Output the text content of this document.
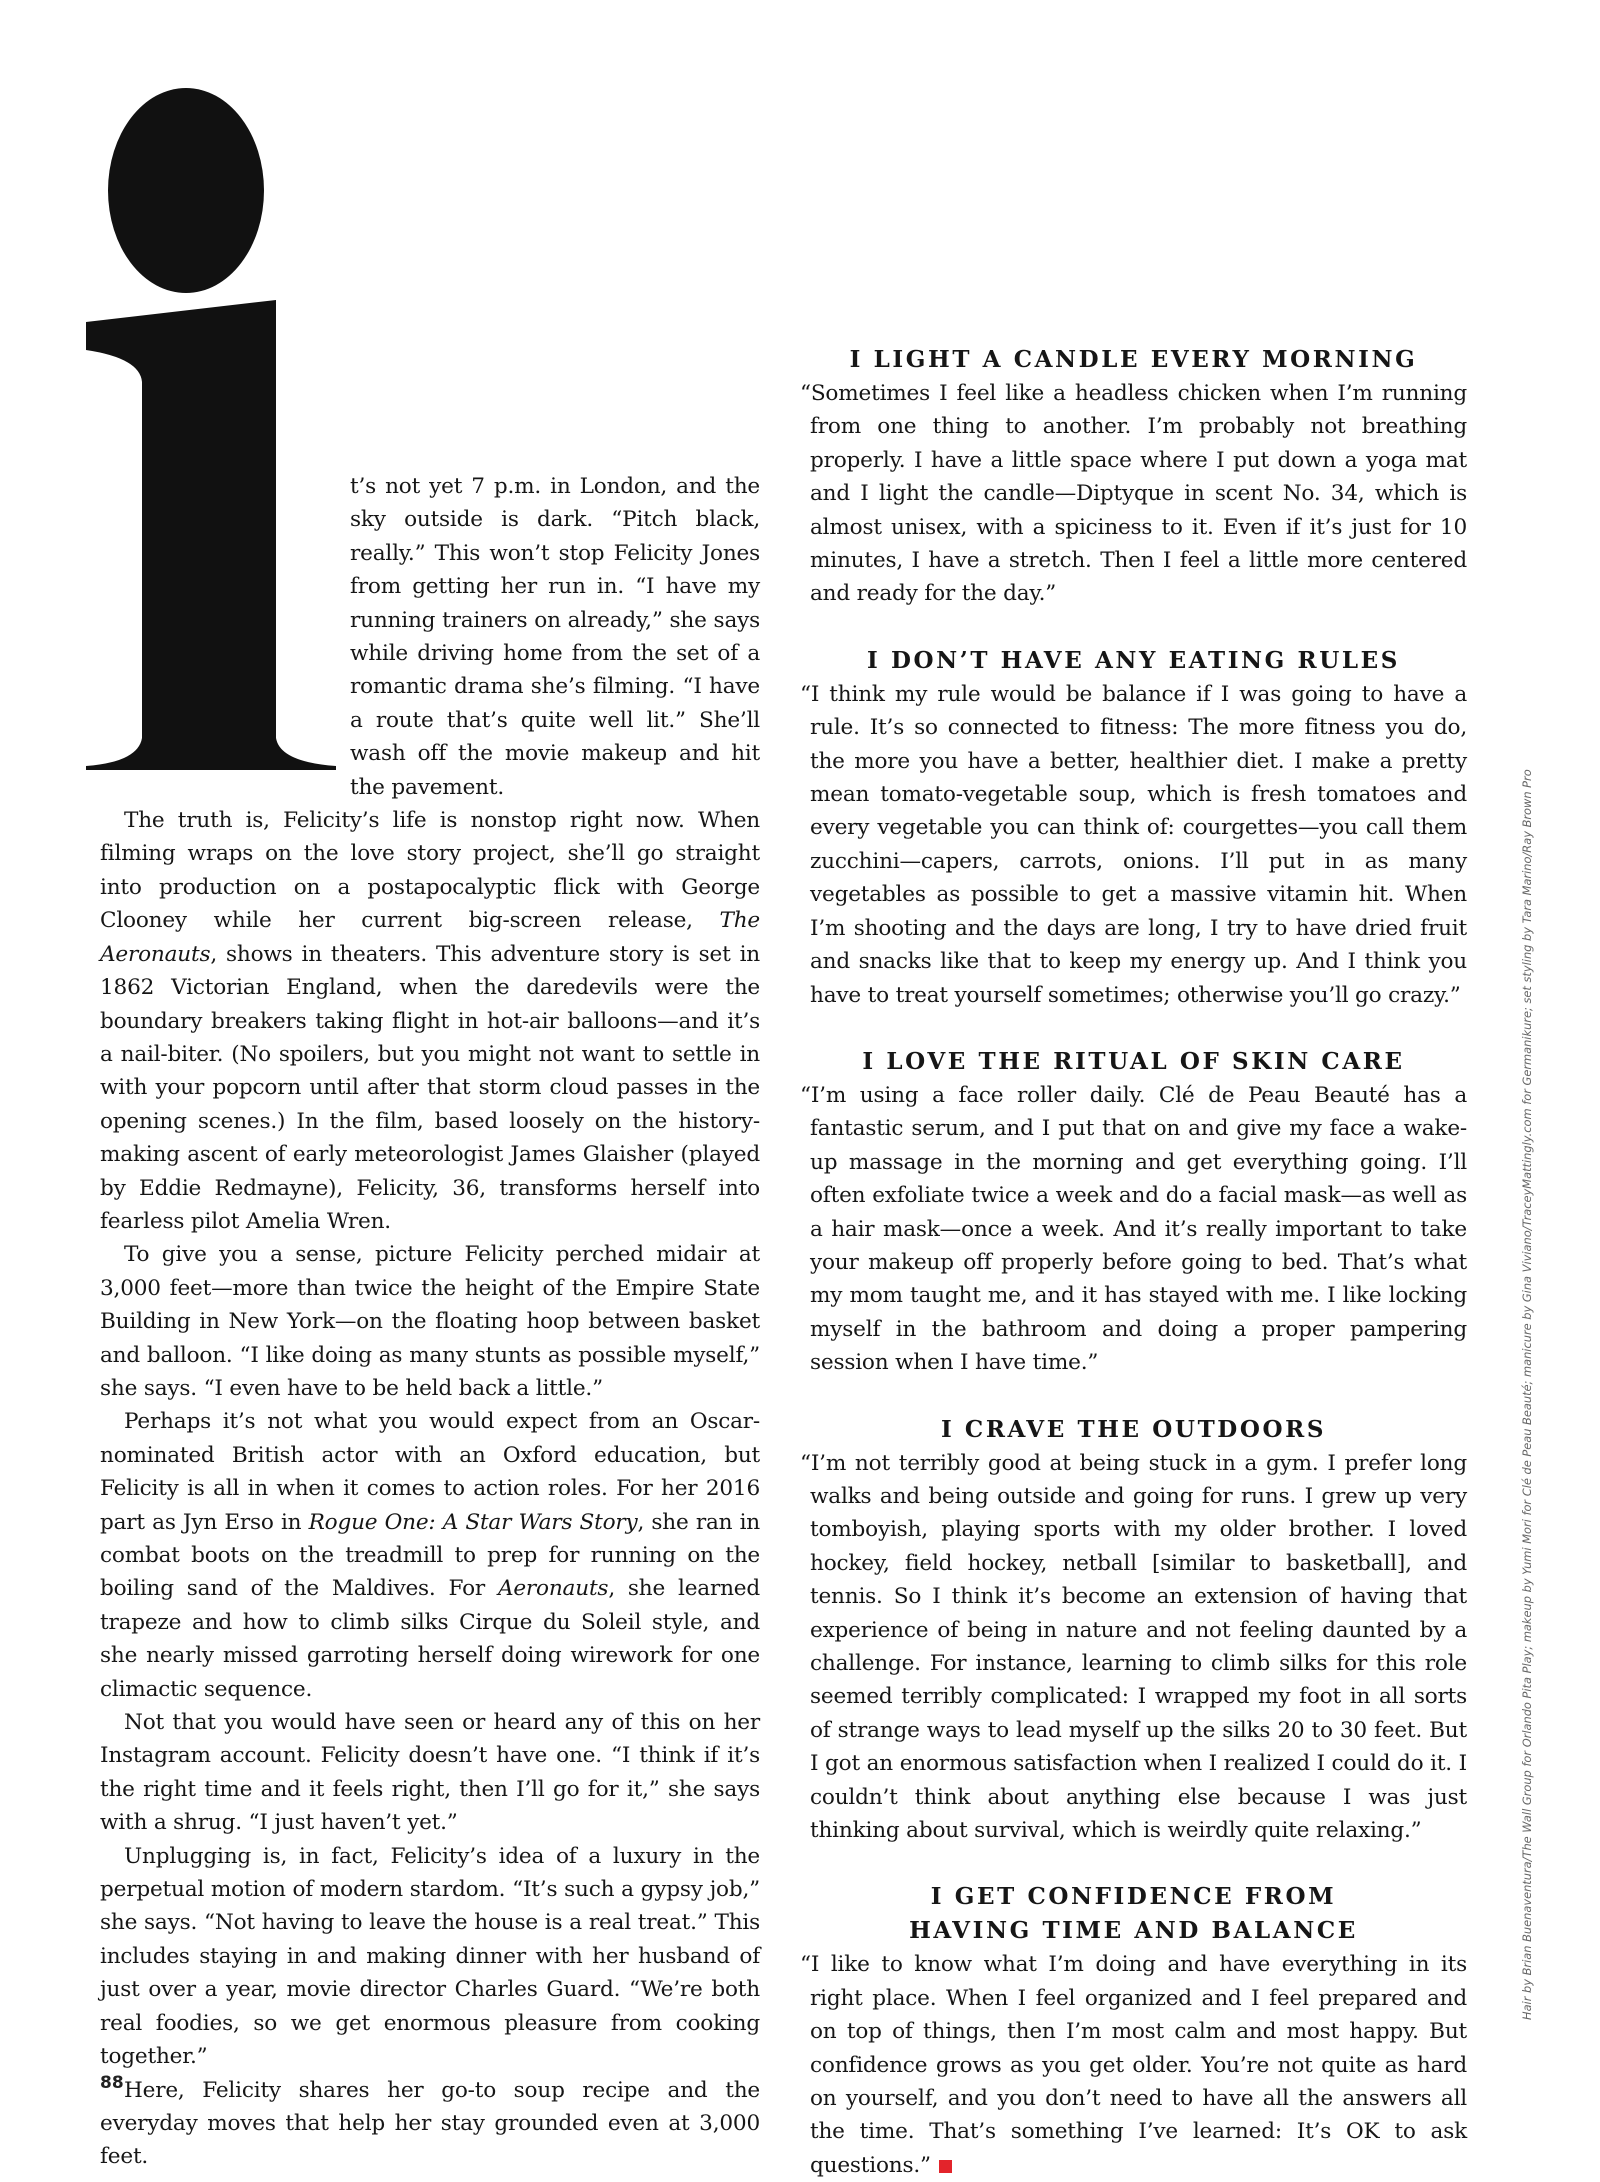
t’s not yet 7 p.m. in London, and the sky outside is dark. “Pitch black, really.” This won’t stop Felicity Jones from getting her run in. “I have my running trainers on already,” she says while driving home from the set of a romantic drama she’s filming. “I have a route that’s quite well lit.” She’ll wash off the movie makeup and hit the pavement.

The truth is, Felicity’s life is nonstop right now. When filming wraps on the love story project, she’ll go straight into production on a postapocalyptic flick with George Clooney while her current big-screen release, The Aeronauts, shows in theaters. This adventure story is set in 1862 Victorian England, when the daredevils were the boundary breakers taking flight in hot-air balloons—and it’s a nail-biter. (No spoilers, but you might not want to settle in with your popcorn until after that storm cloud passes in the opening scenes.) In the film, based loosely on the history-making ascent of early meteorologist James Glaisher (played by Eddie Redmayne), Felicity, 36, transforms herself into fearless pilot Amelia Wren.

To give you a sense, picture Felicity perched midair at 3,000 feet—more than twice the height of the Empire State Building in New York—on the floating hoop between basket and balloon. “I like doing as many stunts as possible myself,” she says. “I even have to be held back a little.”

Perhaps it’s not what you would expect from an Oscar-nominated British actor with an Oxford education, but Felicity is all in when it comes to action roles. For her 2016 part as Jyn Erso in Rogue One: A Star Wars Story, she ran in combat boots on the treadmill to prep for running on the boiling sand of the Maldives. For Aeronauts, she learned trapeze and how to climb silks Cirque du Soleil style, and she nearly missed garroting herself doing wirework for one climactic sequence.

Not that you would have seen or heard any of this on her Instagram account. Felicity doesn’t have one. “I think if it’s the right time and it feels right, then I’ll go for it,” she says with a shrug. “I just haven’t yet.”

Unplugging is, in fact, Felicity’s idea of a luxury in the perpetual motion of modern stardom. “It’s such a gypsy job,” she says. “Not having to leave the house is a real treat.” This includes staying in and making dinner with her husband of just over a year, movie director Charles Guard. “We’re both real foodies, so we get enormous pleasure from cooking together.”

Here, Felicity shares her go-to soup recipe and the everyday moves that help her stay grounded even at 3,000 feet.

I LIGHT A CANDLE EVERY MORNING

“Sometimes I feel like a headless chicken when I’m running from one thing to another. I’m probably not breathing properly. I have a little space where I put down a yoga mat and I light the candle—Diptyque in scent No. 34, which is almost unisex, with a spiciness to it. Even if it’s just for 10 minutes, I have a stretch. Then I feel a little more centered and ready for the day.”

I DON’T HAVE ANY EATING RULES

“I think my rule would be balance if I was going to have a rule. It’s so connected to fitness: The more fitness you do, the more you have a better, healthier diet. I make a pretty mean tomato-vegetable soup, which is fresh tomatoes and every vegetable you can think of: courgettes—you call them zucchini—capers, carrots, onions. I’ll put in as many vegetables as possible to get a massive vitamin hit. When I’m shooting and the days are long, I try to have dried fruit and snacks like that to keep my energy up. And I think you have to treat yourself sometimes; otherwise you’ll go crazy.”

I LOVE THE RITUAL OF SKIN CARE

“I’m using a face roller daily. Clé de Peau Beauté has a fantastic serum, and I put that on and give my face a wake-up massage in the morning and get everything going. I’ll often exfoliate twice a week and do a facial mask—as well as a hair mask—once a week. And it’s really important to take your makeup off properly before going to bed. That’s what my mom taught me, and it has stayed with me. I like locking myself in the bathroom and doing a proper pampering session when I have time.”

I CRAVE THE OUTDOORS

“I’m not terribly good at being stuck in a gym. I prefer long walks and being outside and going for runs. I grew up very tomboyish, playing sports with my older brother. I loved hockey, field hockey, netball [similar to basketball], and tennis. So I think it’s become an extension of having that experience of being in nature and not feeling daunted by a challenge. For instance, learning to climb silks for this role seemed terribly complicated: I wrapped my foot in all sorts of strange ways to lead myself up the silks 20 to 30 feet. But I got an enormous satisfaction when I realized I could do it. I couldn’t think about anything else because I was just thinking about survival, which is weirdly quite relaxing.”

I GET CONFIDENCE FROM
HAVING TIME AND BALANCE

“I like to know what I’m doing and have everything in its right place. When I feel organized and I feel prepared and on top of things, then I’m most calm and most happy. But confidence grows as you get older. You’re not quite as hard on yourself, and you don’t need to have all the answers all the time. That’s something I’ve learned: It’s OK to ask questions.”

88
Hair by Brian Buenaventura/The Wall Group for Orlando Pita Play; makeup by Yumi Mori for Clé de Peau Beauté; manicure by Gina Viviano/TraceyMattingly.com for Germanikure; set styling by Tara Marino/Ray Brown Pro
